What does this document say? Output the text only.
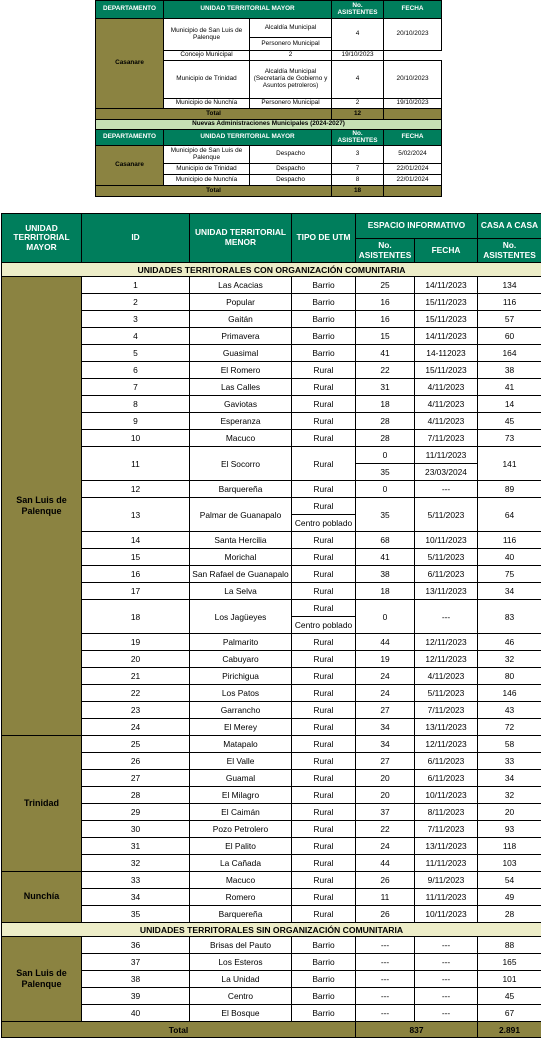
DEPARTAMENTO	UNIDAD TERRITORIAL MAYOR		No. ASISTENTES	FECHA
Casanare	Municipio de San Luis de Palenque	Alcaldía Municipal	4	20/10/2023
		Personero Municipal		
	Concejo Municipal	2	19/10/2023	
	Municipio de Trinidad	Alcaldía Municipal (Secretaría de Gobierno y Asuntos petroleros)	4	20/10/2023
	Municipio de Nunchía	Personero Municipal	2	19/10/2023
Total			12	
Nuevas Administraciones Municipales (2024-2027)				
DEPARTAMENTO	UNIDAD TERRITORIAL MAYOR		No. ASISTENTES	FECHA
Casanare	Municipio de San Luis de Palenque	Despacho	3	5/02/2024
	Municipio de Trinidad	Despacho	7	22/01/2024
	Municipio de Nunchía	Despacho	8	22/01/2024
Total			18	
UNIDAD TERRITORIAL MAYOR	ID	UNIDAD TERRITORIAL MENOR	TIPO DE UTM	ESPACIO INFORMATIVO		CASA A CASA
				No. ASISTENTES	FECHA	No. ASISTENTES
UNIDADES TERRITORALES CON ORGANIZACIÓN COMUNITARIA						
San Luis de Palenque	1	Las Acacias	Barrio	25	14/11/2023	134
	2	Popular	Barrio	16	15/11/2023	116
	3	Gaitán	Barrio	16	15/11/2023	57
	4	Primavera	Barrio	15	14/11/2023	60
	5	Guasimal	Barrio	41	14-112023	164
	6	El Romero	Rural	22	15/11/2023	38
	7	Las Calles	Rural	31	4/11/2023	41
	8	Gaviotas	Rural	18	4/11/2023	14
	9	Esperanza	Rural	28	4/11/2023	45
	10	Macuco	Rural	28	7/11/2023	73
	11	El Socorro	Rural	0	11/11/2023	141
				35	23/03/2024	
	12	Barquereña	Rural	0	---	89
	13	Palmar de Guanapalo	Rural	35	5/11/2023	64
			Centro poblado			
	14	Santa Hercilia	Rural	68	10/11/2023	116
	15	Morichal	Rural	41	5/11/2023	40
	16	San Rafael de Guanapalo	Rural	38	6/11/2023	75
	17	La Selva	Rural	18	13/11/2023	34
	18	Los Jagüeyes	Rural	0	---	83
			Centro poblado			
	19	Palmarito	Rural	44	12/11/2023	46
	20	Cabuyaro	Rural	19	12/11/2023	32
	21	Pirichigua	Rural	24	4/11/2023	80
	22	Los Patos	Rural	24	5/11/2023	146
	23	Garrancho	Rural	27	7/11/2023	43
	24	El Merey	Rural	34	13/11/2023	72
Trinidad	25	Matapalo	Rural	34	12/11/2023	58
	26	El Valle	Rural	27	6/11/2023	33
	27	Guamal	Rural	20	6/11/2023	34
	28	El Milagro	Rural	20	10/11/2023	32
	29	El Caimán	Rural	37	8/11/2023	20
	30	Pozo Petrolero	Rural	22	7/11/2023	93
	31	El Palito	Rural	24	13/11/2023	118
	32	La Cañada	Rural	44	11/11/2023	103
Nunchía	33	Macuco	Rural	26	9/11/2023	54
	34	Romero	Rural	11	11/11/2023	49
	35	Barquereña	Rural	26	10/11/2023	28
UNIDADES TERRITORALES SIN ORGANIZACIÓN COMUNITARIA						
San Luis de Palenque	36	Brisas del Pauto	Barrio	---	---	88
	37	Los Esteros	Barrio	---	---	165
	38	La Unidad	Barrio	---	---	101
	39	Centro	Barrio	---	---	45
	40	El Bosque	Barrio	---	---	67
Total				837		2.891
